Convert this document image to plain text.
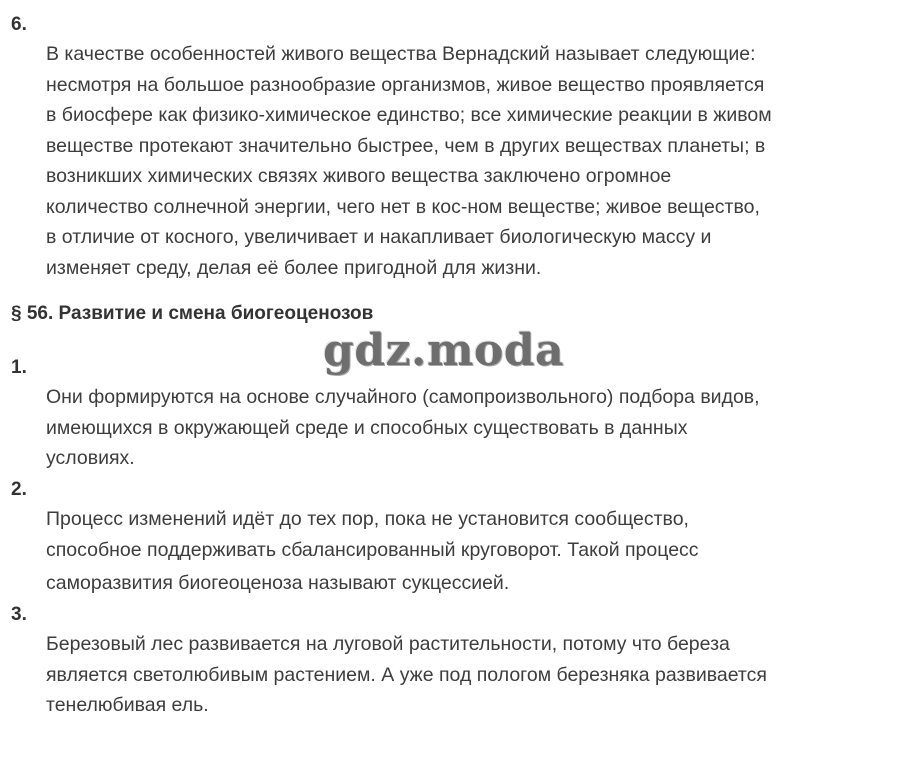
6.
В качестве особенностей живого вещества Вернадский называет следующие:
несмотря на большое разнообразие организмов, живое вещество проявляется
в биосфере как физико-химическое единство; все химические реакции в живом
веществе протекают значительно быстрее, чем в других веществах планеты; в
возникших химических связях живого вещества заключено огромное
количество солнечной энергии, чего нет в кос-ном веществе; живое вещество,
в отличие от косного, увеличивает и накапливает биологическую массу и
изменяет среду, делая её более пригодной для жизни.
§ 56. Развитие и смена биогеоценозов
gdz.moda
1.
Они формируются на основе случайного (самопроизвольного) подбора видов,
имеющихся в окружающей среде и способных существовать в данных
условиях.
2.
Процесс изменений идёт до тех пор, пока не установится сообщество,
способное поддерживать сбалансированный круговорот. Такой процесс
саморазвития биогеоценоза называют сукцессией.
3.
Березовый лес развивается на луговой растительности, потому что береза
является светолюбивым растением. А уже под пологом березняка развивается
тенелюбивая ель.
